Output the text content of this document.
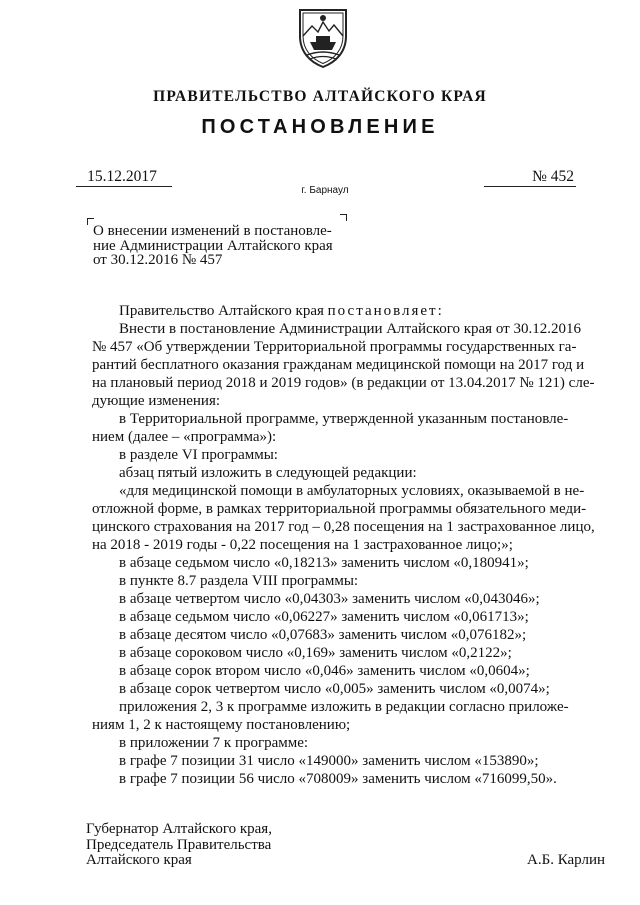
ПРАВИТЕЛЬСТВО АЛТАЙСКОГО КРАЯ
ПОСТАНОВЛЕНИЕ
15.12.2017
г. Барнаул
№ 452
О внесении изменений в постановле-
ние Администрации Алтайского края
от 30.12.2016 № 457
Правительство Алтайского края постановляет:
Внести в постановление Администрации Алтайского края от 30.12.2016
№ 457 «Об утверждении Территориальной программы государственных га-
рантий бесплатного оказания гражданам медицинской помощи на 2017 год и
на плановый период 2018 и 2019 годов» (в редакции от 13.04.2017 № 121) сле-
дующие изменения:
в Территориальной программе, утвержденной указанным постановле-
нием (далее – «программа»):
в разделе VI программы:
абзац пятый изложить в следующей редакции:
«для медицинской помощи в амбулаторных условиях, оказываемой в не-
отложной форме, в рамках территориальной программы обязательного меди-
цинского страхования на 2017 год – 0,28 посещения на 1 застрахованное лицо,
на 2018 - 2019 годы - 0,22 посещения на 1 застрахованное лицо;»;
в абзаце седьмом число «0,18213» заменить числом «0,180941»;
в пункте 8.7 раздела VIII программы:
в абзаце четвертом число «0,04303» заменить числом «0,043046»;
в абзаце седьмом число «0,06227» заменить числом «0,061713»;
в абзаце десятом число «0,07683» заменить числом «0,076182»;
в абзаце сороковом число «0,169» заменить числом «0,2122»;
в абзаце сорок втором число «0,046» заменить числом «0,0604»;
в абзаце сорок четвертом число «0,005» заменить числом «0,0074»;
приложения 2, 3 к программе изложить в редакции согласно приложе-
ниям 1, 2 к настоящему постановлению;
в приложении 7 к программе:
в графе 7 позиции 31 число «149000» заменить числом «153890»;
в графе 7 позиции 56 число «708009» заменить числом «716099,50».
Губернатор Алтайского края,
Председатель Правительства
Алтайского края	А.Б. Карлин
